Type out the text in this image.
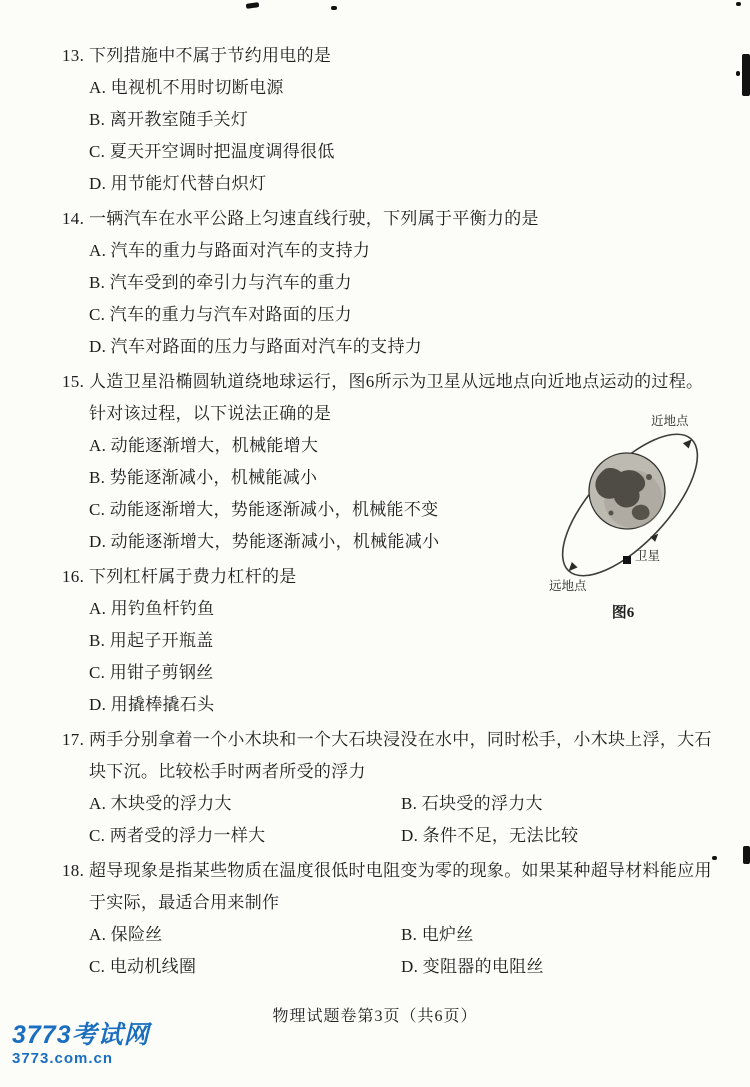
13. 下列措施中不属于节约用电的是
A. 电视机不用时切断电源
B. 离开教室随手关灯
C. 夏天开空调时把温度调得很低
D. 用节能灯代替白炽灯
14. 一辆汽车在水平公路上匀速直线行驶，下列属于平衡力的是
A. 汽车的重力与路面对汽车的支持力
B. 汽车受到的牵引力与汽车的重力
C. 汽车的重力与汽车对路面的压力
D. 汽车对路面的压力与路面对汽车的支持力
15. 人造卫星沿椭圆轨道绕地球运行，图6所示为卫星从远地点向近地点运动的过程。针对该过程，以下说法正确的是
A. 动能逐渐增大，机械能增大
B. 势能逐渐减小，机械能减小
C. 动能逐渐增大，势能逐渐减小，机械能不变
D. 动能逐渐增大，势能逐渐减小，机械能减小
16. 下列杠杆属于费力杠杆的是
A. 用钓鱼杆钓鱼
B. 用起子开瓶盖
C. 用钳子剪钢丝
D. 用撬棒撬石头
17. 两手分别拿着一个小木块和一个大石块浸没在水中，同时松手，小木块上浮，大石块下沉。比较松手时两者所受的浮力
A. 木块受的浮力大	B. 石块受的浮力大
C. 两者受的浮力一样大	D. 条件不足，无法比较
18. 超导现象是指某些物质在温度很低时电阻变为零的现象。如果某种超导材料能应用于实际，最适合用来制作
A. 保险丝	B. 电炉丝
C. 电动机线圈	D. 变阻器的电阻丝
近地点
卫星
远地点
图6
物理试题卷第3页（共6页）
3773考试网
3773.com.cn
